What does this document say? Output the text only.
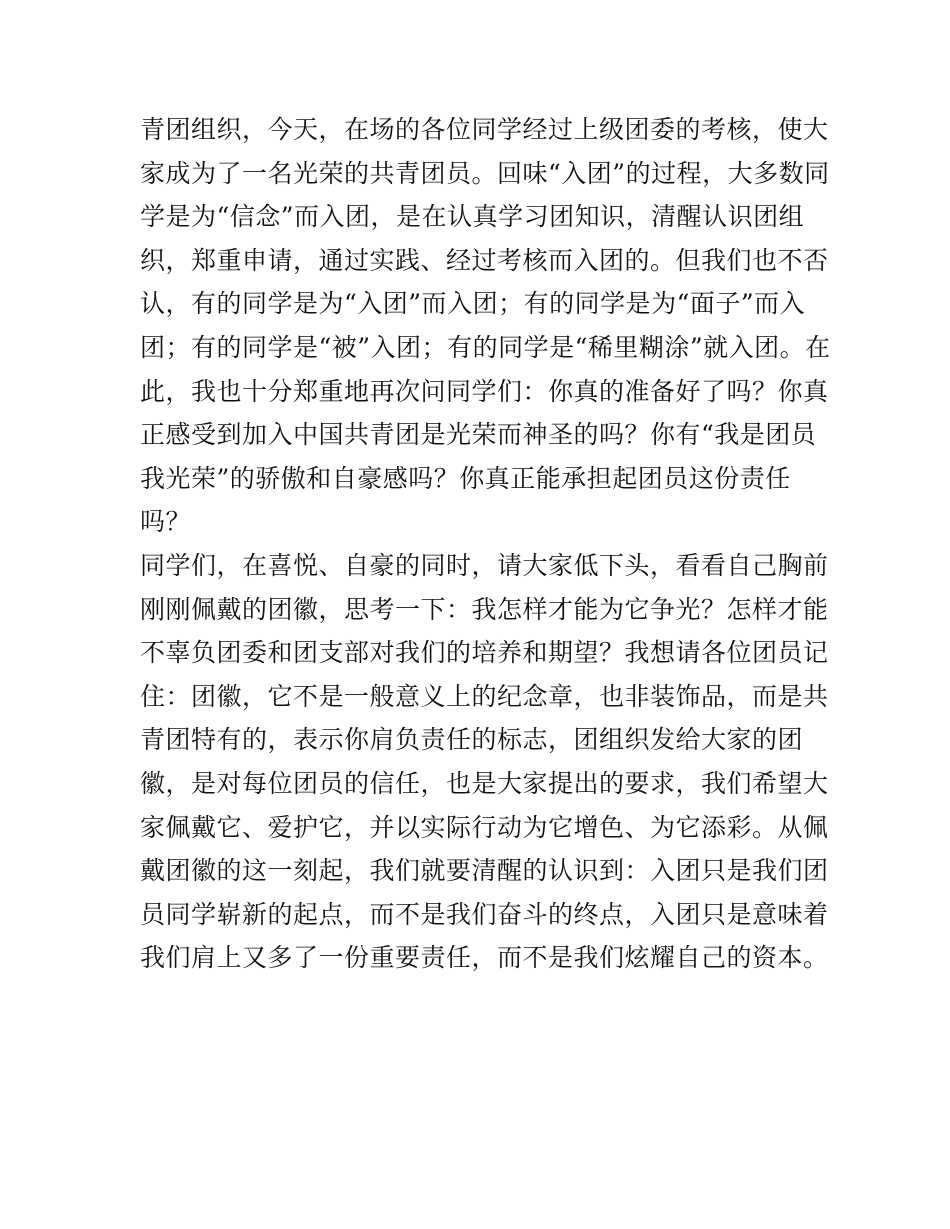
青团组织，今天，在场的各位同学经过上级团委的考核，使大
家成为了一名光荣的共青团员。回味“入团”的过程，大多数同
学是为“信念”而入团，是在认真学习团知识，清醒认识团组
织，郑重申请，通过实践、经过考核而入团的。但我们也不否
认，有的同学是为“入团”而入团；有的同学是为“面子”而入
团；有的同学是“被”入团；有的同学是“稀里糊涂”就入团。在
此，我也十分郑重地再次问同学们：你真的准备好了吗？你真
正感受到加入中国共青团是光荣而神圣的吗？你有“我是团员
我光荣”的骄傲和自豪感吗？你真正能承担起团员这份责任
吗？
同学们，在喜悦、自豪的同时，请大家低下头，看看自己胸前
刚刚佩戴的团徽，思考一下：我怎样才能为它争光？怎样才能
不辜负团委和团支部对我们的培养和期望？我想请各位团员记
住：团徽，它不是一般意义上的纪念章，也非装饰品，而是共
青团特有的，表示你肩负责任的标志，团组织发给大家的团
徽，是对每位团员的信任，也是大家提出的要求，我们希望大
家佩戴它、爱护它，并以实际行动为它增色、为它添彩。从佩
戴团徽的这一刻起，我们就要清醒的认识到：入团只是我们团
员同学崭新的起点，而不是我们奋斗的终点，入团只是意味着
我们肩上又多了一份重要责任，而不是我们炫耀自己的资本。
